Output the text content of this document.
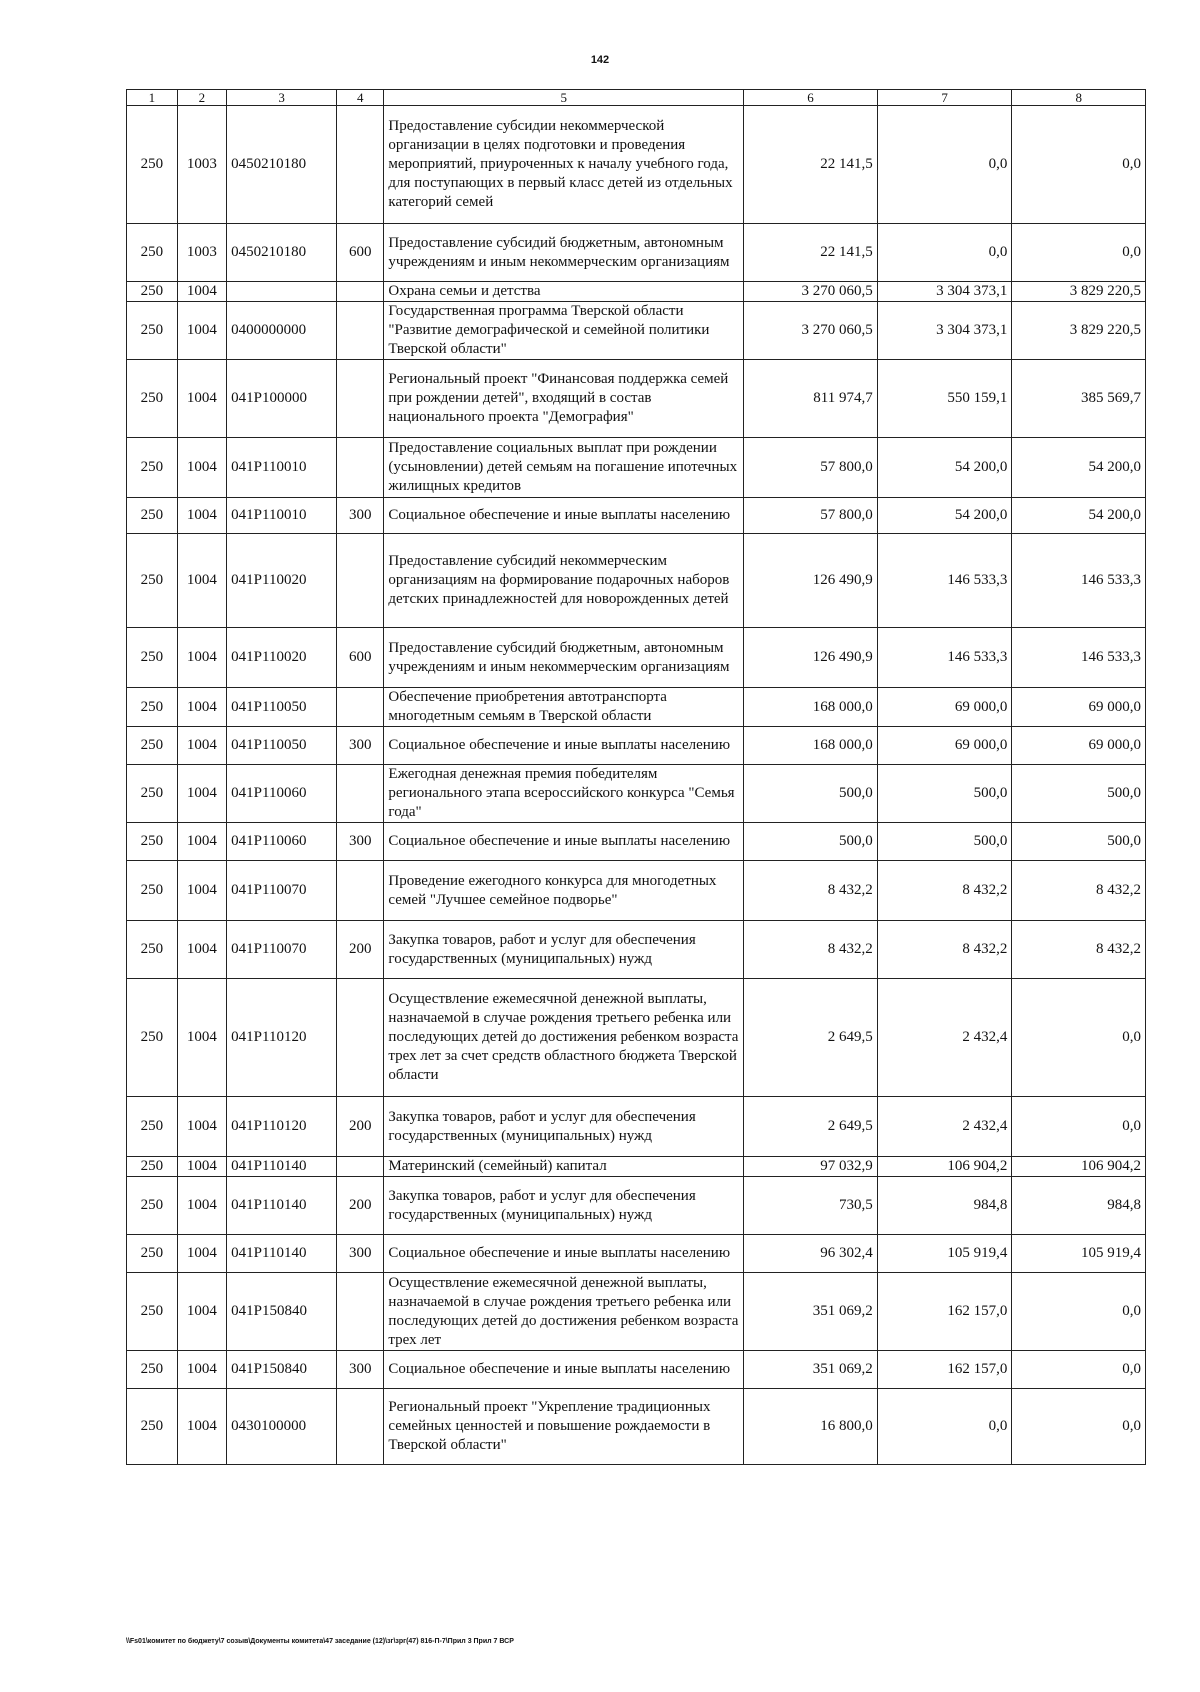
142
1	2	3	4	5	6	7	8
250	1003	0450210180		Предоставление субсидии некоммерческой организации в целях подготовки и проведения мероприятий, приуроченных к началу учебного года, для поступающих в первый класс детей из отдельных категорий семей	22 141,5	0,0	0,0
250	1003	0450210180	600	Предоставление субсидий бюджетным, автономным учреждениям и иным некоммерческим организациям	22 141,5	0,0	0,0
250	1004			Охрана семьи и детства	3 270 060,5	3 304 373,1	3 829 220,5
250	1004	0400000000		Государственная программа Тверской области "Развитие демографической и семейной политики Тверской области"	3 270 060,5	3 304 373,1	3 829 220,5
250	1004	041P100000		Региональный проект "Финансовая поддержка семей при рождении детей", входящий в состав национального проекта "Демография"	811 974,7	550 159,1	385 569,7
250	1004	041P110010		Предоставление социальных выплат при рождении (усыновлении) детей семьям на погашение ипотечных жилищных кредитов	57 800,0	54 200,0	54 200,0
250	1004	041P110010	300	Социальное обеспечение и иные выплаты населению	57 800,0	54 200,0	54 200,0
250	1004	041P110020		Предоставление субсидий некоммерческим организациям на формирование подарочных наборов детских принадлежностей для новорожденных детей	126 490,9	146 533,3	146 533,3
250	1004	041P110020	600	Предоставление субсидий бюджетным, автономным учреждениям и иным некоммерческим организациям	126 490,9	146 533,3	146 533,3
250	1004	041P110050		Обеспечение приобретения автотранспорта многодетным семьям в Тверской области	168 000,0	69 000,0	69 000,0
250	1004	041P110050	300	Социальное обеспечение и иные выплаты населению	168 000,0	69 000,0	69 000,0
250	1004	041P110060		Ежегодная денежная премия победителям регионального этапа всероссийского конкурса "Семья года"	500,0	500,0	500,0
250	1004	041P110060	300	Социальное обеспечение и иные выплаты населению	500,0	500,0	500,0
250	1004	041P110070		Проведение ежегодного конкурса для многодетных семей "Лучшее семейное подворье"	8 432,2	8 432,2	8 432,2
250	1004	041P110070	200	Закупка товаров, работ и услуг для обеспечения государственных (муниципальных) нужд	8 432,2	8 432,2	8 432,2
250	1004	041P110120		Осуществление ежемесячной денежной выплаты, назначаемой в случае рождения третьего ребенка или последующих детей до достижения ребенком возраста трех лет за счет средств областного бюджета Тверской области	2 649,5	2 432,4	0,0
250	1004	041P110120	200	Закупка товаров, работ и услуг для обеспечения государственных (муниципальных) нужд	2 649,5	2 432,4	0,0
250	1004	041P110140		Материнский (семейный) капитал	97 032,9	106 904,2	106 904,2
250	1004	041P110140	200	Закупка товаров, работ и услуг для обеспечения государственных (муниципальных) нужд	730,5	984,8	984,8
250	1004	041P110140	300	Социальное обеспечение и иные выплаты населению	96 302,4	105 919,4	105 919,4
250	1004	041P150840		Осуществление ежемесячной денежной выплаты, назначаемой в случае рождения третьего ребенка или последующих детей до достижения ребенком возраста трех лет	351 069,2	162 157,0	0,0
250	1004	041P150840	300	Социальное обеспечение и иные выплаты населению	351 069,2	162 157,0	0,0
250	1004	0430100000		Региональный проект "Укрепление традиционных семейных ценностей и повышение рождаемости в Тверской области"	16 800,0	0,0	0,0
\\Fs01\комитет по бюджету\7 созыв\Документы комитета\47 заседание (12)\зг\зрг(47) 816-П-7\Прил 3 Прил 7 ВСР
